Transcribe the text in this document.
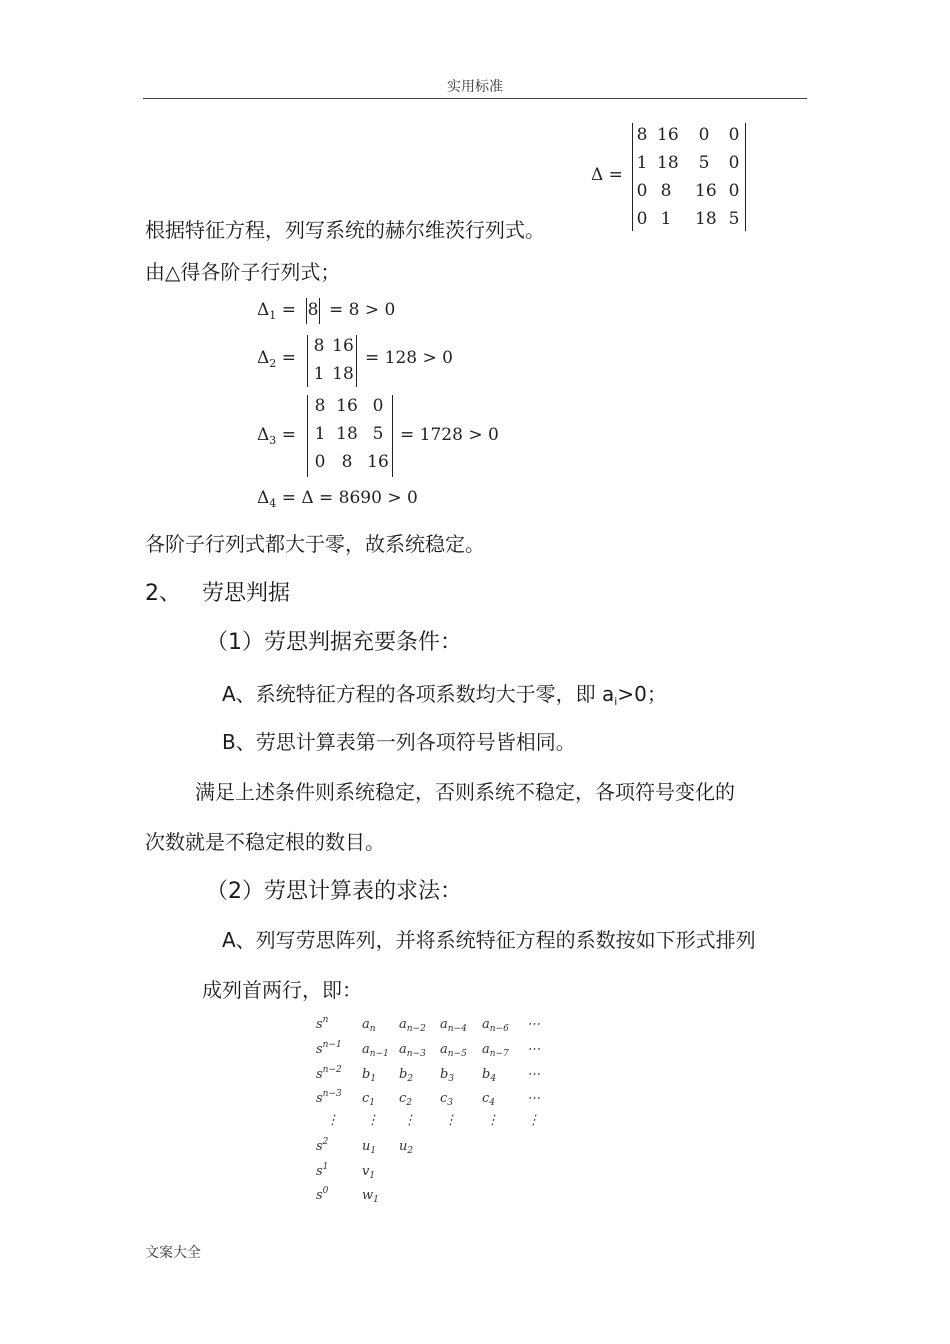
实用标准
Δ =
8 16 0 0
1 18 5 0
0 8 16 0
0 1 18 5
根据特征方程，列写系统的赫尔维茨行列式。
由△得各阶子行列式；
$\Delta_1 = 8 = 8 > 0$
$\Delta_2$ =
8 16
1 18
= 128 > 0
$\Delta_3$ =
8 16 0
1 18 5
0 8 16
= 1728 > 0
$\Delta_4 = \Delta = 8690 > 0$
各阶子行列式都大于零，故系统稳定。
2、 劳思判据
（1）劳思判据充要条件：
A、系统特征方程的各项系数均大于零，即 $a_i>0$；
B、劳思计算表第一列各项符号皆相同。
满足上述条件则系统稳定，否则系统不稳定，各项符号变化的
次数就是不稳定根的数目。
（2）劳思计算表的求法：
A、列写劳思阵列，并将系统特征方程的系数按如下形式排列
成列首两行，即：
$s^n$	$a_n$ $a_{n-2}$ $a_{n-4}$ $a_{n-6}$ ⋯
$s^{n-1}$ $a_{n-1}$ $a_{n-3}$ $a_{n-5}$ $a_{n-7}$ ⋯
$s^{n-2}$ $b_1$ $b_2$ $b_3$ $b_4$ ⋯
$s^{n-3}$ $c_1$ $c_2$ $c_3$ $c_4$ ⋯
⋮ ⋮ ⋮ ⋮ ⋮ ⋮
$s^2$	$u_1$ $u_2$
$s^1$	$v_1$
$s^0$	$w_1$
文案大全
